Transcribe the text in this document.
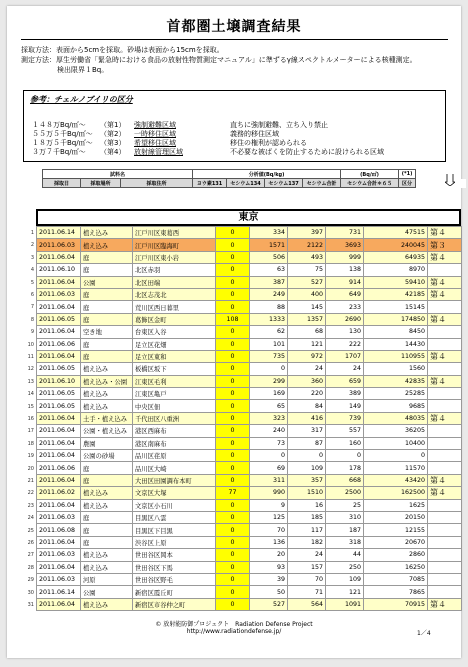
首都圏土壌調査結果
採取方法：表面から5cmを採取。砂場は表面から15cmを採取。
測定方法：厚生労働省「緊急時における食品の放射性物質測定マニュアル」に準ずるγ線スペクトルメーターによる核種測定。
検出限界１Bq。
参考：チェルノブイリの区分
１４８万Bq/㎡〜 （第1） 強制避難区域	直ちに強制避難、立ち入り禁止
５５万５千Bq/㎡〜 （第2） 一時移住区域	義務的移住区域
１８万５千Bq/㎡〜 （第3） 希望移住区域	移住の権利が認められる
３万７千Bq/㎡〜 （第4） 放射線管理区域	不必要な被ばくを防止するために設けられる区域
試料名			分析値(Bq/kg)				(Bq/㎡)	(*1)	
採取日	採取場所	採取住所	ヨウ素131	セシウム134	セシウム137	セシウム合計	セシウム合計＊６５	区分	
東京
2011.06.14	植え込み	江戸川区東葛西	0	334	397	731	47515	第４
2011.06.03	植え込み	江戸川区臨海町	0	1571	2122	3693	240045	第３
2011.06.04	庭	江戸川区東小岩	0	506	493	999	64935	第４
2011.06.10	庭	北区赤羽	0	63	75	138	8970	
2011.06.04	公園	北区田端	0	387	527	914	59410	第４
2011.06.03	庭	北区志茂北	0	249	400	649	42185	第４
2011.06.04	庭	荒川区西日暮里	0	88	145	233	15145	
2011.06.05	庭	葛飾区金町	108	1333	1357	2690	174850	第４
2011.06.04	空き地	台東区入谷	0	62	68	130	8450	
2011.06.06	庭	足立区花畑	0	101	121	222	14430	
2011.06.04	庭	足立区東和	0	735	972	1707	110955	第４
2011.06.05	植え込み	板橋区坂下	0	0	24	24	1560	
2011.06.10	植え込み・公園	江東区毛利	0	299	360	659	42835	第４
2011.06.05	植え込み	江東区亀戸	0	169	220	389	25285	
2011.06.05	植え込み	中央区佃	0	65	84	149	9685	
2011.06.04	土手・植え込み	千代田区八重洲	0	323	416	739	48035	第４
2011.06.04	公園・植え込み	港区西麻布	0	240	317	557	36205	
2011.06.04	農園	港区南麻布	0	73	87	160	10400	
2011.06.04	公園の砂場	品川区荏原	0	0	0	0	0	
2011.06.06	庭	品川区大崎	0	69	109	178	11570	
2011.06.04	庭	大田区田園調布本町	0	311	357	668	43420	第４
2011.06.02	植え込み	文京区大塚	77	990	1510	2500	162500	第４
2011.06.04	植え込み	文京区小石川	0	9	16	25	1625	
2011.06.03	庭	目黒区八雲	0	125	185	310	20150	
2011.06.08	庭	目黒区下目黒	0	70	117	187	12155	
2011.06.04	庭	渋谷区上原	0	136	182	318	20670	
2011.06.03	植え込み	世田谷区岡本	0	20	24	44	2860	
2011.06.04	植え込み	世田谷区下馬	0	93	157	250	16250	
2011.06.03	河原	世田谷区野毛	0	39	70	109	7085	
2011.06.14	公園	新宿区霞丘町	0	50	71	121	7865	
2011.06.04	植え込み	新宿区市谷仲之町	0	527	564	1091	70915	第４
1
2
3
4
5
6
7
8
9
10
11
12
13
14
15
16
17
18
19
20
21
22
23
24
25
26
27
28
29
30
31
© 放射能防御プロジェクト　Radiation Defense Project
http://www.radiationdefense.jp/	1／4
